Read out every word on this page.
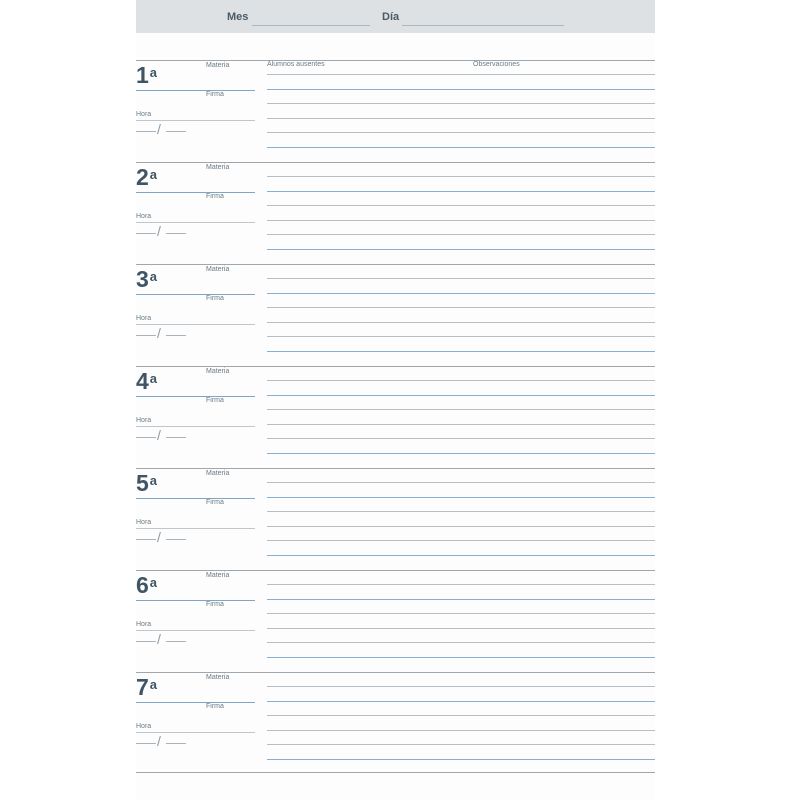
Mes	Día
Alumnos ausentes	Observaciones
1$^a$	Materia
Firma
Hora
/
2$^a$	Materia
Firma
Hora
/
3$^a$	Materia
Firma
Hora
/
4$^a$	Materia
Firma
Hora
/
5$^a$	Materia
Firma
Hora
/
6$^a$	Materia
Firma
Hora
/
7$^a$	Materia
Firma
Hora
/
